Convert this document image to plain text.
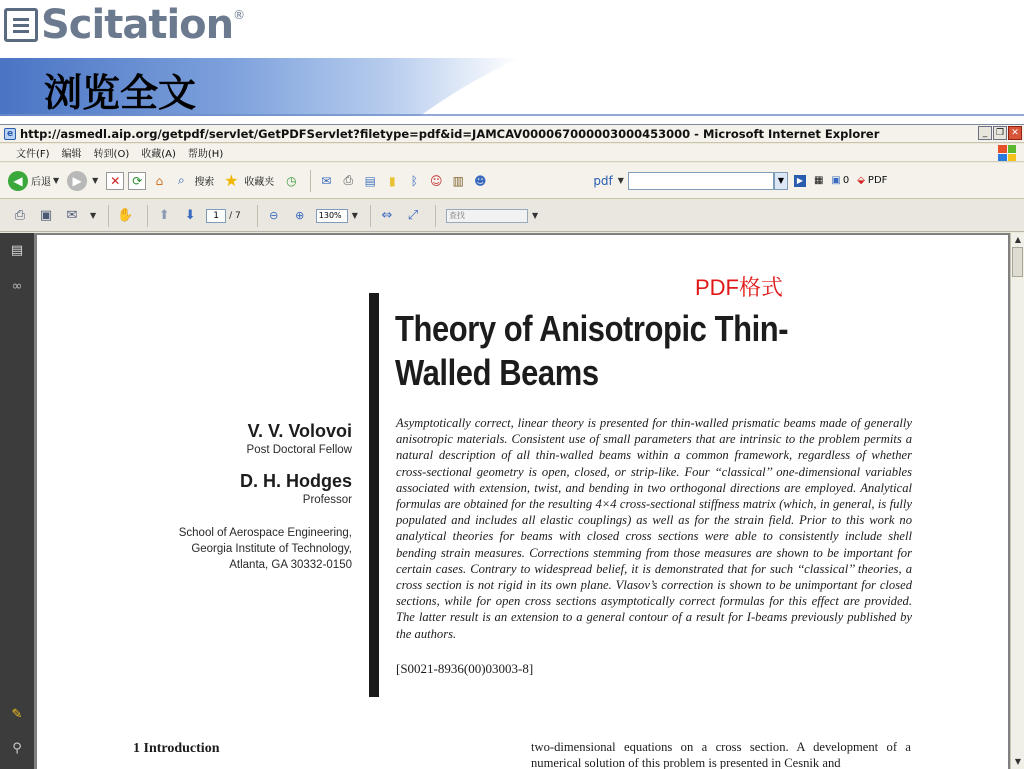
Scitation ®
浏览全文
e http://asmedl.aip.org/getpdf/servlet/GetPDFServlet?filetype=pdf&id=JAMCAV000067000003000453000 - Microsoft Internet Explorer	_ ❐ ✕
文件(F) 编辑 转到(O) 收藏(A) 帮助(H)
◀ 后退 ▼	▶	▼ ✕ ⟳	⌂	⌕ 搜索 ★ 收藏夹 ◷	✉	⎙ ▤	▮	ᛒ	☺ ▥ ☻	pdf ▼	▼	▶ ▦ ▣ 0 ⬙ PDF
⎙	▣	✉	▼ ✋	⬆	⬇	1	/ 7	⊖	⊕	130%	▼	⇔	⤢	查找	▼
▤
∞
✎
⚲
PDF格式
Theory of Anisotropic Thin-Walled Beams
V. V. Volovoi
Post Doctoral Fellow
D. H. Hodges
Professor
School of Aerospace Engineering, Georgia Institute of Technology, Atlanta, GA 30332-0150
Asymptotically correct, linear theory is presented for thin-walled prismatic beams made of generally anisotropic materials. Consistent use of small parameters that are intrinsic to the problem permits a natural description of all thin-walled beams within a common framework, regardless of whether cross-sectional geometry is open, closed, or strip-like. Four ‘‘classical’’ one-dimensional variables associated with extension, twist, and bending in two orthogonal directions are employed. Analytical formulas are obtained for the resulting 4×4 cross-sectional stiffness matrix (which, in general, is fully populated and includes all elastic couplings) as well as for the strain field. Prior to this work no analytical theories for beams with closed cross sections were able to consistently include shell bending strain measures. Corrections stemming from those measures are shown to be important for certain cases. Contrary to widespread belief, it is demonstrated that for such ‘‘classical’’ theories, a cross section is not rigid in its own plane. Vlasov’s correction is shown to be unimportant for closed sections, while for open cross sections asymptotically correct formulas for this effect are provided. The latter result is an extension to a general contour of a result for I-beams previously published by the authors.
[S0021-8936(00)03003-8]
1 Introduction	two-dimensional equations on a cross section. A development of a numerical solution of this problem is presented in Cesnik and
▲
▼
